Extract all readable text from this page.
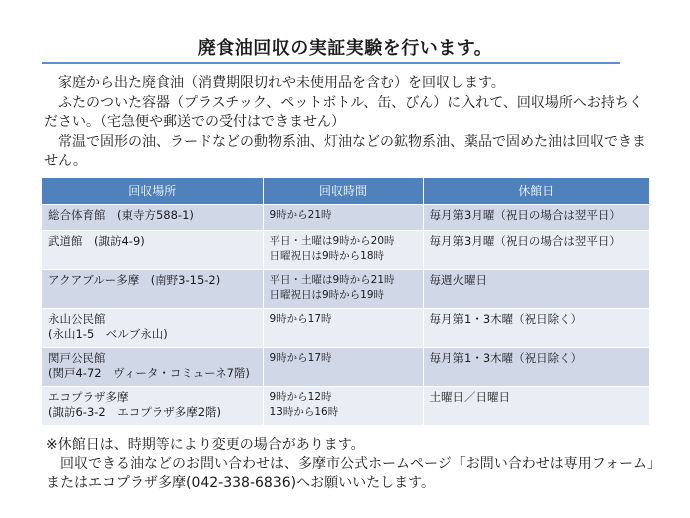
廃食油回収の実証実験を行います。

家庭から出た廃食油（消費期限切れや未使用品を含む）を回収します。

ふたのついた容器（プラスチック、ペットボトル、缶、びん）に入れて、回収場所へお持ちください。（宅急便や郵送での受付はできません）

常温で固形の油、ラードなどの動物系油、灯油などの鉱物系油、薬品で固めた油は回収できません。

回収場所	回収時間	休館日

総合体育館　(東寺方588-1)	9時から21時	毎月第3月曜（祝日の場合は翌平日）

武道館　(諏訪4-9)	平日・土曜は9時から20時
日曜祝日は9時から18時	毎月第3月曜（祝日の場合は翌平日）

アクアブルー多摩　(南野3-15-2)	平日・土曜は9時から21時
日曜祝日は9時から19時	毎週火曜日

永山公民館
(永山1-5　ベルブ永山)	9時から17時	毎月第1・3木曜（祝日除く）

関戸公民館
(関戸4-72　ヴィータ・コミューネ7階)	9時から17時	毎月第1・3木曜（祝日除く）

エコプラザ多摩
(諏訪6-3-2　エコプラザ多摩2階)	9時から12時
13時から16時	土曜日／日曜日

※休館日は、時期等により変更の場合があります。

回収できる油などのお問い合わせは、多摩市公式ホームページ「お問い合わせは専用フォーム」またはエコプラザ多摩(042-338-6836)へお願いいたします。
